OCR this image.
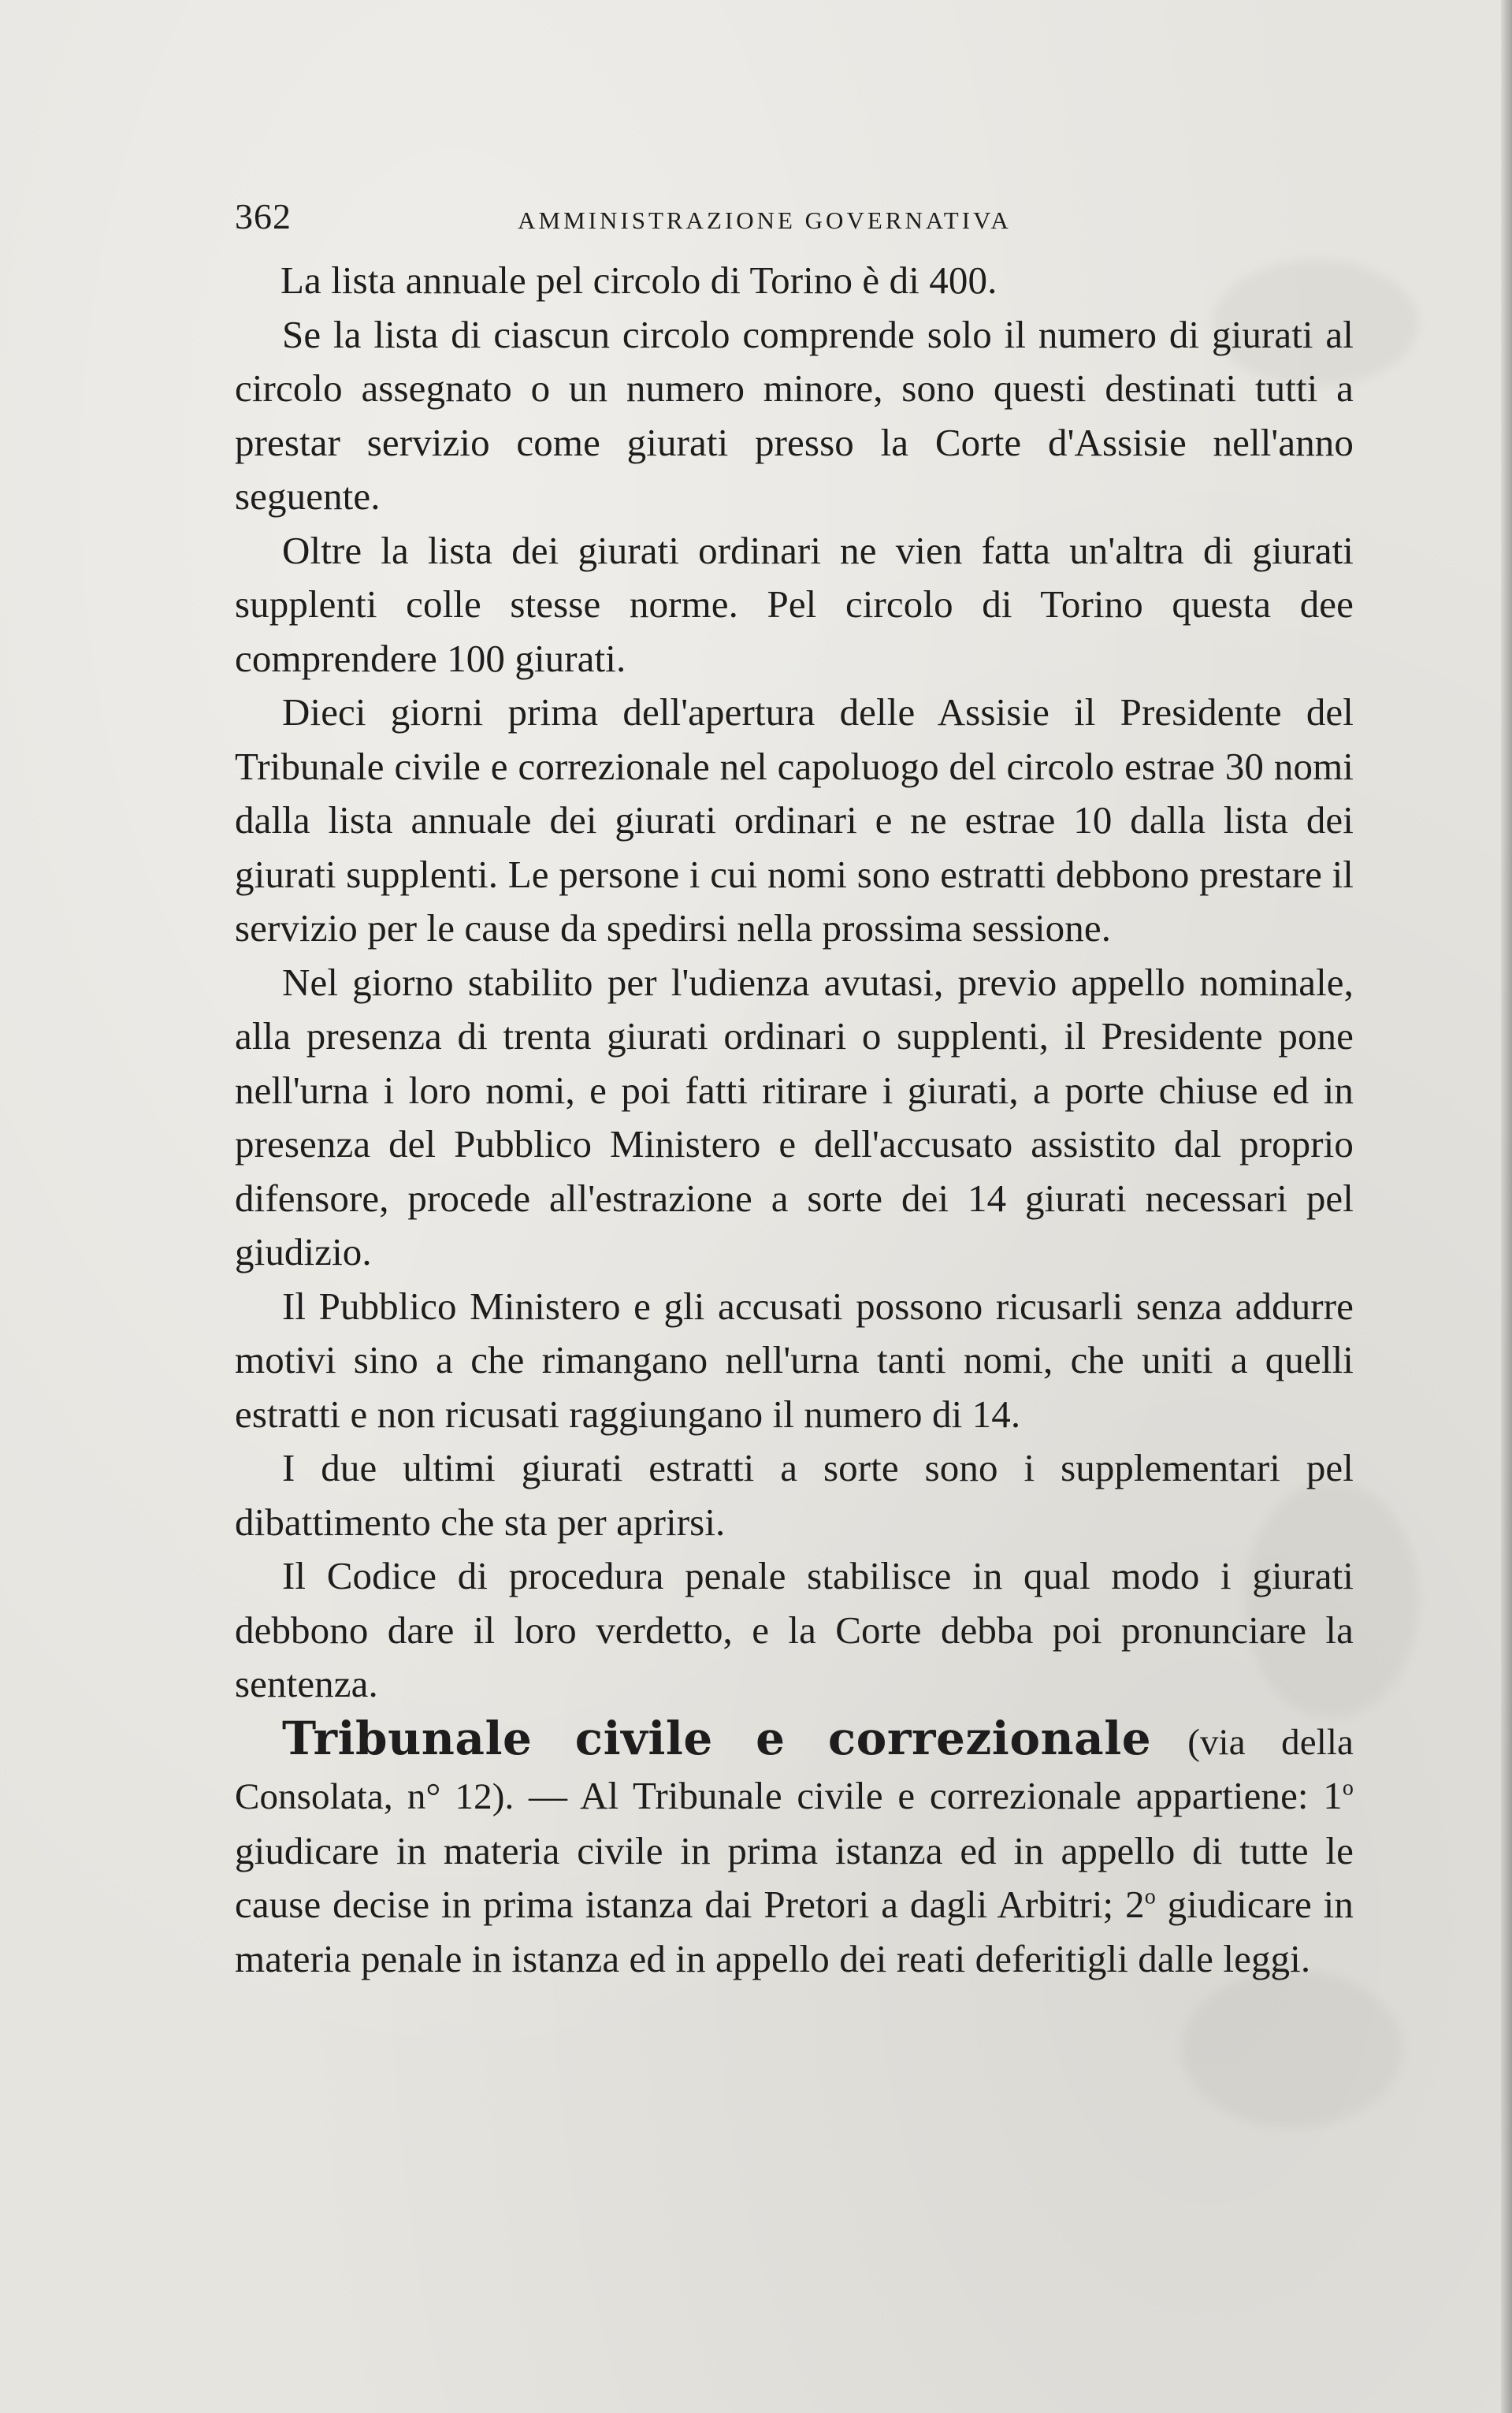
362	AMMINISTRAZIONE GOVERNATIVA

La lista annuale pel circolo di Torino è di 400.

Se la lista di ciascun circolo comprende solo il numero di giurati al circolo assegnato o un numero minore, sono questi destinati tutti a prestar servizio come giurati presso la Corte d'Assisie nell'anno seguente.

Oltre la lista dei giurati ordinari ne vien fatta un'altra di giurati supplenti colle stesse norme. Pel circolo di Torino questa dee comprendere 100 giurati.

Dieci giorni prima dell'apertura delle Assisie il Presidente del Tribunale civile e correzionale nel capoluogo del circolo estrae 30 nomi dalla lista annuale dei giurati ordinari e ne estrae 10 dalla lista dei giurati supplenti. Le persone i cui nomi sono estratti debbono prestare il servizio per le cause da spedirsi nella prossima sessione.

Nel giorno stabilito per l'udienza avutasi, previo appello nominale, alla presenza di trenta giurati ordinari o supplenti, il Presidente pone nell'urna i loro nomi, e poi fatti ritirare i giurati, a porte chiuse ed in presenza del Pubblico Ministero e dell'accusato assistito dal proprio difensore, procede all'estrazione a sorte dei 14 giurati necessari pel giudizio.

Il Pubblico Ministero e gli accusati possono ricusarli senza addurre motivi sino a che rimangano nell'urna tanti nomi, che uniti a quelli estratti e non ricusati raggiungano il numero di 14.

I due ultimi giurati estratti a sorte sono i supplementari pel dibattimento che sta per aprirsi.

Il Codice di procedura penale stabilisce in qual modo i giurati debbono dare il loro verdetto, e la Corte debba poi pronunciare la sentenza.

Tribunale civile e correzionale (via della Consolata, n° 12). — Al Tribunale civile e correzionale appartiene: 1$^o$ giudicare in materia civile in prima istanza ed in appello di tutte le cause decise in prima istanza dai Pretori a dagli Arbitri; 2$^o$ giudicare in materia penale in istanza ed in appello dei reati deferitigli dalle leggi.
